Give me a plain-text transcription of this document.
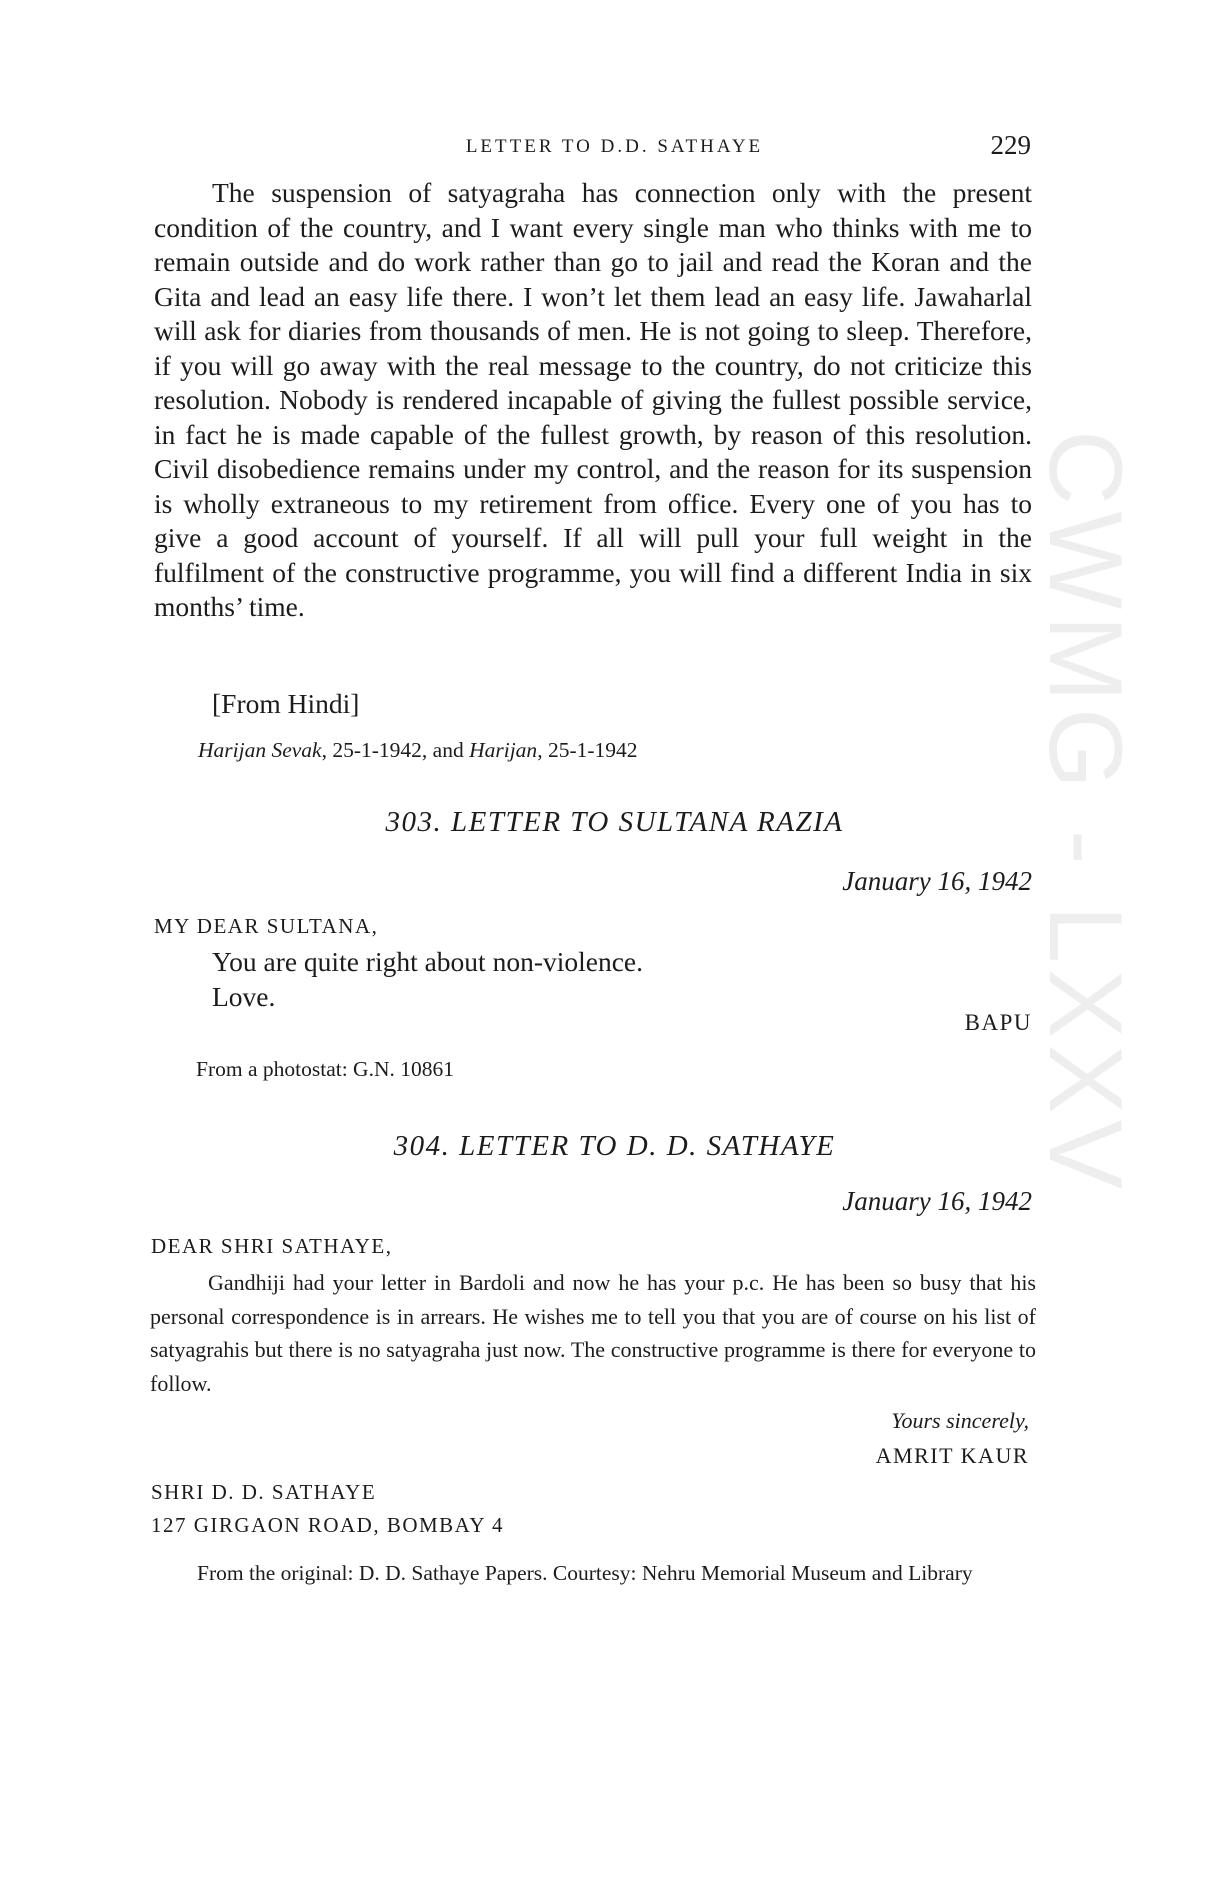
CWMG - LXXV
LETTER TO D.D. SATHAYE	229

The suspension of satyagraha has connection only with the present condition of the country, and I want every single man who thinks with me to remain outside and do work rather than go to jail and read the Koran and the Gita and lead an easy life there. I won’t let them lead an easy life. Jawaharlal will ask for diaries from thousands of men. He is not going to sleep. Therefore, if you will go away with the real message to the country, do not criticize this resolution. Nobody is rendered incapable of giving the fullest possible service, in fact he is made capable of the fullest growth, by reason of this resolution. Civil disobedience remains under my control, and the reason for its suspension is wholly extraneous to my retirement from office. Every one of you has to give a good account of yourself. If all will pull your full weight in the fulfilment of the constructive programme, you will find a different India in six months’ time.

[From Hindi]
Harijan Sevak, 25-1-1942, and Harijan, 25-1-1942
303. LETTER TO SULTANA RAZIA
January 16, 1942
MY DEAR SULTANA,
You are quite right about non-violence.
Love.
BAPU
From a photostat: G.N. 10861
304. LETTER TO D. D. SATHAYE
January 16, 1942
DEAR SHRI SATHAYE,

Gandhiji had your letter in Bardoli and now he has your p.c. He has been so busy that his personal correspondence is in arrears. He wishes me to tell you that you are of course on his list of satyagrahis but there is no satyagraha just now. The constructive programme is there for everyone to follow.

Yours sincerely,
AMRIT KAUR
SHRI D. D. SATHAYE
127 GIRGAON ROAD, BOMBAY 4
From the original: D. D. Sathaye Papers. Courtesy: Nehru Memorial Museum and Library
